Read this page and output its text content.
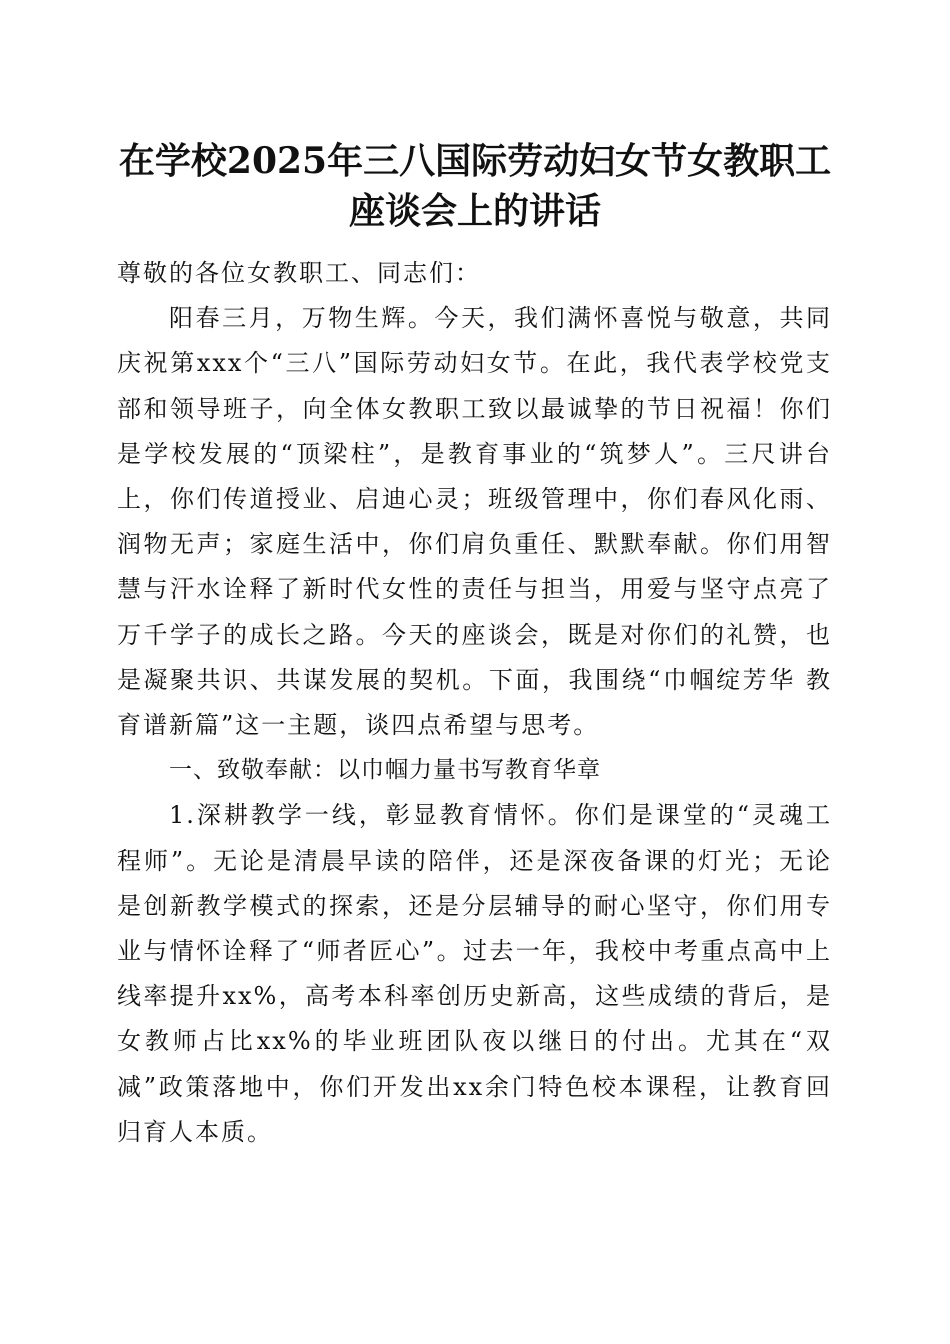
在学校2025年三八国际劳动妇女节女教职工
座谈会上的讲话

尊敬的各位女教职工、同志们：

阳春三月，万物生辉。今天，我们满怀喜悦与敬意，共同庆祝第xxx个“三八”国际劳动妇女节。在此，我代表学校党支部和领导班子，向全体女教职工致以最诚挚的节日祝福！你们是学校发展的“顶梁柱”，是教育事业的“筑梦人”。三尺讲台上，你们传道授业、启迪心灵；班级管理中，你们春风化雨、润物无声；家庭生活中，你们肩负重任、默默奉献。你们用智慧与汗水诠释了新时代女性的责任与担当，用爱与坚守点亮了万千学子的成长之路。今天的座谈会，既是对你们的礼赞，也是凝聚共识、共谋发展的契机。下面，我围绕“巾帼绽芳华 教育谱新篇”这一主题，谈四点希望与思考。

一、致敬奉献：以巾帼力量书写教育华章

1.深耕教学一线，彰显教育情怀。你们是课堂的“灵魂工程师”。无论是清晨早读的陪伴，还是深夜备课的灯光；无论是创新教学模式的探索，还是分层辅导的耐心坚守，你们用专业与情怀诠释了“师者匠心”。过去一年，我校中考重点高中上线率提升xx%，高考本科率创历史新高，这些成绩的背后，是女教师占比xx%的毕业班团队夜以继日的付出。尤其在“双减”政策落地中，你们开发出xx余门特色校本课程，让教育回归育人本质。
